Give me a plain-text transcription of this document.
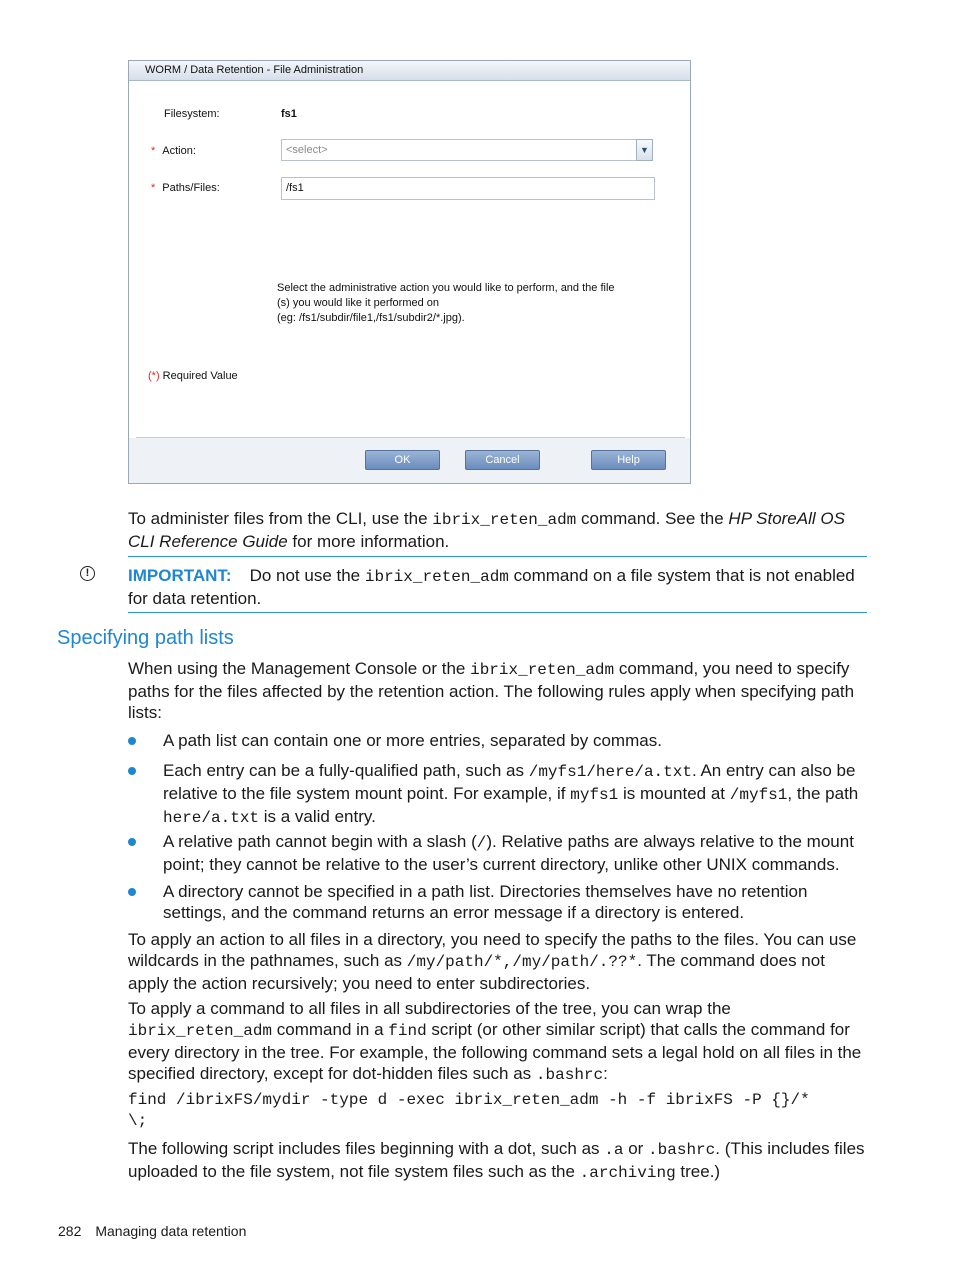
WORM / Data Retention - File Administration
Filesystem:	fs1
* Action:	<select>	▼
* Paths/Files:	/fs1
Select the administrative action you would like to perform, and the file
(s) you would like it performed on
(eg: /fs1/subdir/file1,/fs1/subdir2/*.jpg).
(*) Required Value
OK	Cancel	Help
To administer files from the CLI, use the ibrix_reten_adm command. See the HP StoreAll OS CLI Reference Guide for more information.
!	IMPORTANT: Do not use the ibrix_reten_adm command on a file system that is not enabled for data retention.
Specifying path lists
When using the Management Console or the ibrix_reten_adm command, you need to specify paths for the files affected by the retention action. The following rules apply when specifying path lists:
A path list can contain one or more entries, separated by commas.
Each entry can be a fully-qualified path, such as /myfs1/here/a.txt. An entry can also be relative to the file system mount point. For example, if myfs1 is mounted at /myfs1, the path here/a.txt is a valid entry.
A relative path cannot begin with a slash (/). Relative paths are always relative to the mount point; they cannot be relative to the user’s current directory, unlike other UNIX commands.
A directory cannot be specified in a path list. Directories themselves have no retention settings, and the command returns an error message if a directory is entered.
To apply an action to all files in a directory, you need to specify the paths to the files. You can use wildcards in the pathnames, such as /my/path/*,/my/path/.??*. The command does not apply the action recursively; you need to enter subdirectories.
To apply a command to all files in all subdirectories of the tree, you can wrap the ibrix_reten_adm command in a find script (or other similar script) that calls the command for every directory in the tree. For example, the following command sets a legal hold on all files in the specified directory, except for dot-hidden files such as .bashrc:
find /ibrixFS/mydir -type d -exec ibrix_reten_adm -h -f ibrixFS -P {}/*
\;
The following script includes files beginning with a dot, such as .a or .bashrc. (This includes files uploaded to the file system, not file system files such as the .archiving tree.)
282 Managing data retention
